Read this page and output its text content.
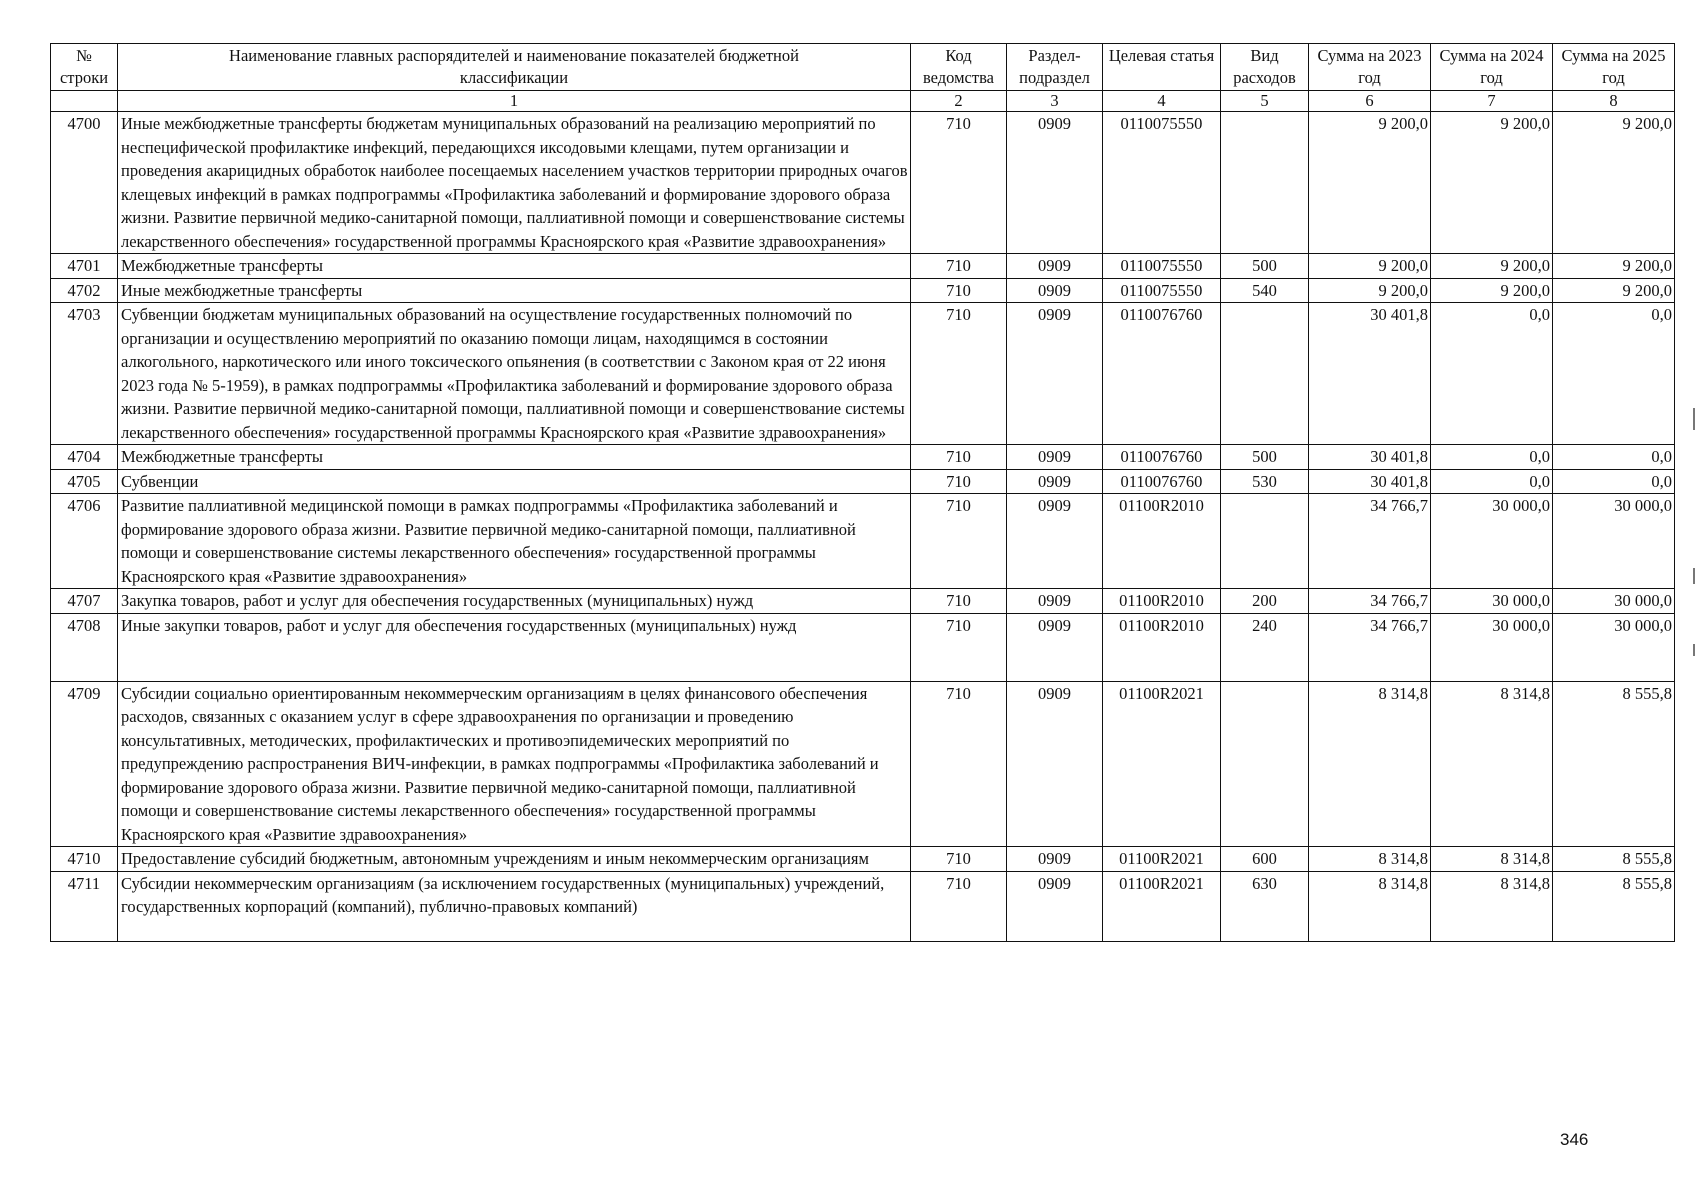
№ строки	Наименование главных распорядителей и наименование показателей бюджетной классификации	Код ведомства	Раздел-подраздел	Целевая статья	Вид расходов	Сумма на 2023 год	Сумма на 2024 год	Сумма на 2025 год
	1	2	3	4	5	6	7	8
4700	Иные межбюджетные трансферты бюджетам муниципальных образований на реализацию мероприятий по неспецифической профилактике инфекций, передающихся иксодовыми клещами, путем организации и проведения акарицидных обработок наиболее посещаемых населением участков территории природных очагов клещевых инфекций в рамках подпрограммы «Профилактика заболеваний и формирование здорового образа жизни. Развитие первичной медико-санитарной помощи, паллиативной помощи и совершенствование системы лекарственного обеспечения» государственной программы Красноярского края «Развитие здравоохранения»	710	0909	0110075550		9 200,0	9 200,0	9 200,0
4701	Межбюджетные трансферты	710	0909	0110075550	500	9 200,0	9 200,0	9 200,0
4702	Иные межбюджетные трансферты	710	0909	0110075550	540	9 200,0	9 200,0	9 200,0
4703	Субвенции бюджетам муниципальных образований на осуществление государственных полномочий по организации и осуществлению мероприятий по оказанию помощи лицам, находящимся в состоянии алкогольного, наркотического или иного токсического опьянения (в соответствии с Законом края от 22 июня 2023 года № 5-1959), в рамках подпрограммы «Профилактика заболеваний и формирование здорового образа жизни. Развитие первичной медико-санитарной помощи, паллиативной помощи и совершенствование системы лекарственного обеспечения» государственной программы Красноярского края «Развитие здравоохранения»	710	0909	0110076760		30 401,8	0,0	0,0
4704	Межбюджетные трансферты	710	0909	0110076760	500	30 401,8	0,0	0,0
4705	Субвенции	710	0909	0110076760	530	30 401,8	0,0	0,0
4706	Развитие паллиативной медицинской помощи в рамках подпрограммы «Профилактика заболеваний и формирование здорового образа жизни. Развитие первичной медико-санитарной помощи, паллиативной помощи и совершенствование системы лекарственного обеспечения» государственной программы Красноярского края «Развитие здравоохранения»	710	0909	01100R2010		34 766,7	30 000,0	30 000,0
4707	Закупка товаров, работ и услуг для обеспечения государственных (муниципальных) нужд	710	0909	01100R2010	200	34 766,7	30 000,0	30 000,0
4708	Иные закупки товаров, работ и услуг для обеспечения государственных (муниципальных) нужд	710	0909	01100R2010	240	34 766,7	30 000,0	30 000,0
4709	Субсидии социально ориентированным некоммерческим организациям в целях финансового обеспечения расходов, связанных с оказанием услуг в сфере здравоохранения по организации и проведению консультативных, методических, профилактических и противоэпидемических мероприятий по предупреждению распространения ВИЧ-инфекции, в рамках подпрограммы «Профилактика заболеваний и формирование здорового образа жизни. Развитие первичной медико-санитарной помощи, паллиативной помощи и совершенствование системы лекарственного обеспечения» государственной программы Красноярского края «Развитие здравоохранения»	710	0909	01100R2021		8 314,8	8 314,8	8 555,8
4710	Предоставление субсидий бюджетным, автономным учреждениям и иным некоммерческим организациям	710	0909	01100R2021	600	8 314,8	8 314,8	8 555,8
4711	Субсидии некоммерческим организациям (за исключением государственных (муниципальных) учреждений, государственных корпораций (компаний), публично-правовых компаний)	710	0909	01100R2021	630	8 314,8	8 314,8	8 555,8
346
